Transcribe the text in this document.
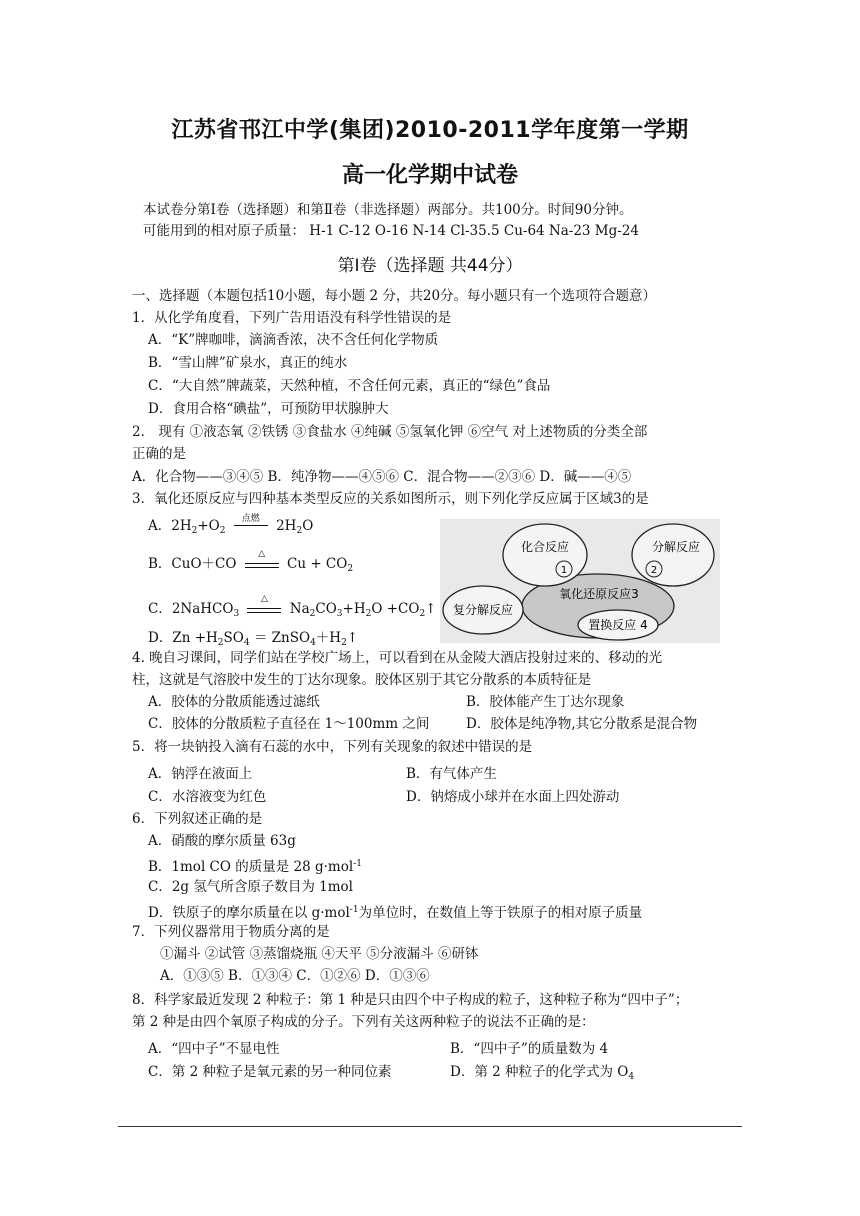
江苏省邗江中学(集团)2010-2011学年度第一学期
高一化学期中试卷
本试卷分第Ⅰ卷（选择题）和第Ⅱ卷（非选择题）两部分。共100分。时间90分钟。
可能用到的相对原子质量： H-1 C-12 O-16 N-14 Cl-35.5 Cu-64 Na-23 Mg-24
第Ⅰ卷（选择题 共44分）
一、选择题（本题包括10小题，每小题 2 分，共20分。每小题只有一个选项符合题意）
1．从化学角度看，下列广告用语没有科学性错误的是
A．“K”牌咖啡，滴滴香浓，决不含任何化学物质
B．“雪山牌”矿泉水，真正的纯水
C．“大自然”牌蔬菜，天然种植，不含任何元素，真正的“绿色”食品
D．食用合格“碘盐”，可预防甲状腺肿大
2． 现有 ①液态氧 ②铁锈 ③食盐水 ④纯碱 ⑤氢氧化钾 ⑥空气 对上述物质的分类全部
正确的是
A．化合物——③④⑤ B．纯净物——④⑤⑥ C．混合物——②③⑥ D．碱——④⑤
3．氧化还原反应与四种基本类型反应的关系如图所示，则下列化学反应属于区域3的是
A．$2H_2+O_2$
点燃	$2H_2O$
B．CuO＋CO
△
$Cu + CO_2$
C．2NaHCO$_3$
△
$Na_2CO_3+H_2O$ $+CO_2↑$
D．$Zn +H_2SO_4$ ＝ $ZnSO_4+H_2↑$
化合反应	分解反应
氧化还原反应3
复分解反应
置换反应 4
1	2
4. 晚自习课间，同学们站在学校广场上，可以看到在从金陵大酒店投射过来的、移动的光
柱，这就是气溶胶中发生的丁达尔现象。胶体区别于其它分散系的本质特征是
A．胶体的分散质能透过滤纸	B．胶体能产生丁达尔现象
C．胶体的分散质粒子直径在 1～100mm 之间	D．胶体是纯净物,其它分散系是混合物
5．将一块钠投入滴有石蕊的水中，下列有关现象的叙述中错误的是
A．钠浮在液面上	B．有气体产生
C．水溶液变为红色	D．钠熔成小球并在水面上四处游动
6．下列叙述正确的是
A．硝酸的摩尔质量 63g
B．1mol CO 的质量是 28 g·mol$^{-1}$
C．2g 氢气所含原子数目为 1mol
D．铁原子的摩尔质量在以 g·mol$^{-1}$为单位时，在数值上等于铁原子的相对原子质量
7．下列仪器常用于物质分离的是
①漏斗 ②试管 ③蒸馏烧瓶 ④天平 ⑤分液漏斗 ⑥研钵
A．①③⑤ B．①③④ C．①②⑥ D．①③⑥
8．科学家最近发现 2 种粒子：第 1 种是只由四个中子构成的粒子，这种粒子称为“四中子”；
第 2 种是由四个氧原子构成的分子。下列有关这两种粒子的说法不正确的是：
A．“四中子”不显电性	B．“四中子”的质量数为 4
C．第 2 种粒子是氧元素的另一种同位素	D．第 2 种粒子的化学式为 $O_4$
